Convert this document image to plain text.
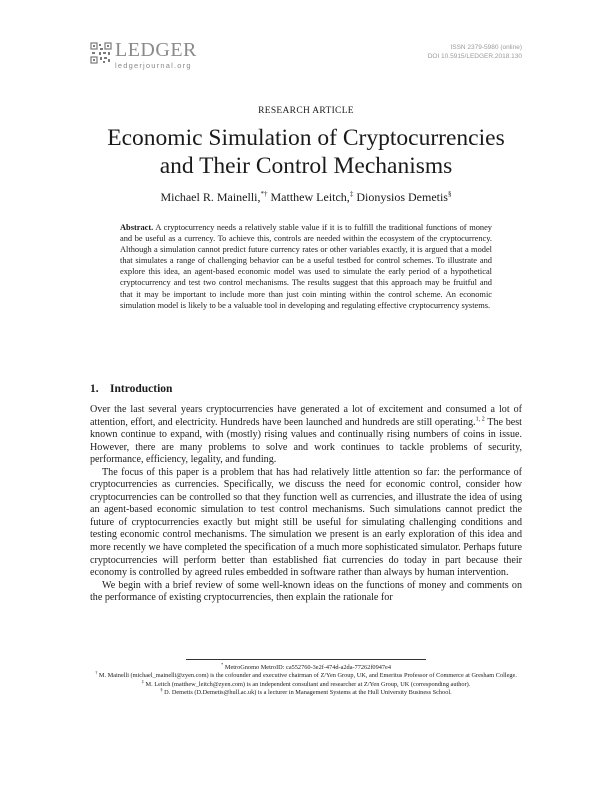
LEDGER
ledgerjournal.org
ISSN 2379-5980 (online)
DOI 10.5915/LEDGER.2018.130
RESEARCH ARTICLE
Economic Simulation of Cryptocurrencies
and Their Control Mechanisms
Michael R. Mainelli,*† Matthew Leitch,‡ Dionysios Demetis§
Abstract. A cryptocurrency needs a relatively stable value if it is to fulfill the traditional functions of money and be useful as a currency. To achieve this, controls are needed within the ecosystem of the cryptocurrency. Although a simulation cannot predict future currency rates or other variables exactly, it is argued that a model that simulates a range of challenging behavior can be a useful testbed for control schemes. To illustrate and explore this idea, an agent-based economic model was used to simulate the early period of a hypothetical cryptocurrency and test two control mechanisms. The results suggest that this approach may be fruitful and that it may be important to include more than just coin minting within the control scheme. An economic simulation model is likely to be a valuable tool in developing and regulating effective cryptocurrency systems.
1. Introduction

Over the last several years cryptocurrencies have generated a lot of excitement and consumed a lot of attention, effort, and electricity. Hundreds have been launched and hundreds are still operating.$^{1, 2}$ The best known continue to expand, with (mostly) rising values and continually rising numbers of coins in issue. However, there are many problems to solve and work continues to tackle problems of security, performance, efficiency, legality, and funding.

The focus of this paper is a problem that has had relatively little attention so far: the performance of cryptocurrencies as currencies. Specifically, we discuss the need for economic control, consider how cryptocurrencies can be controlled so that they function well as currencies, and illustrate the idea of using an agent-based economic simulation to test control mechanisms. Such simulations cannot predict the future of cryptocurrencies exactly but might still be useful for simulating challenging conditions and testing economic control mechanisms. The simulation we present is an early exploration of this idea and more recently we have completed the specification of a much more sophisticated simulator. Perhaps future cryptocurrencies will perform better than established fiat currencies do today in part because their economy is controlled by agreed rules embedded in software rather than always by human intervention.

We begin with a brief review of some well-known ideas on the functions of money and comments on the performance of existing cryptocurrencies, then explain the rationale for

* MetroGnomo MetroID: ca552760-3e2f-474d-a2da-77262f0947e4
† M. Mainelli (michael_mainelli@zyen.com) is the cofounder and executive chairman of Z/Yen Group, UK, and Emeritus Professor of Commerce at Gresham College.
‡ M. Leitch (matthew_leitch@zyen.com) is an independent consultant and researcher at Z/Yen Group, UK (corresponding author).
§ D. Demetis (D.Demetis@hull.ac.uk) is a lecturer in Management Systems at the Hull University Business School.
